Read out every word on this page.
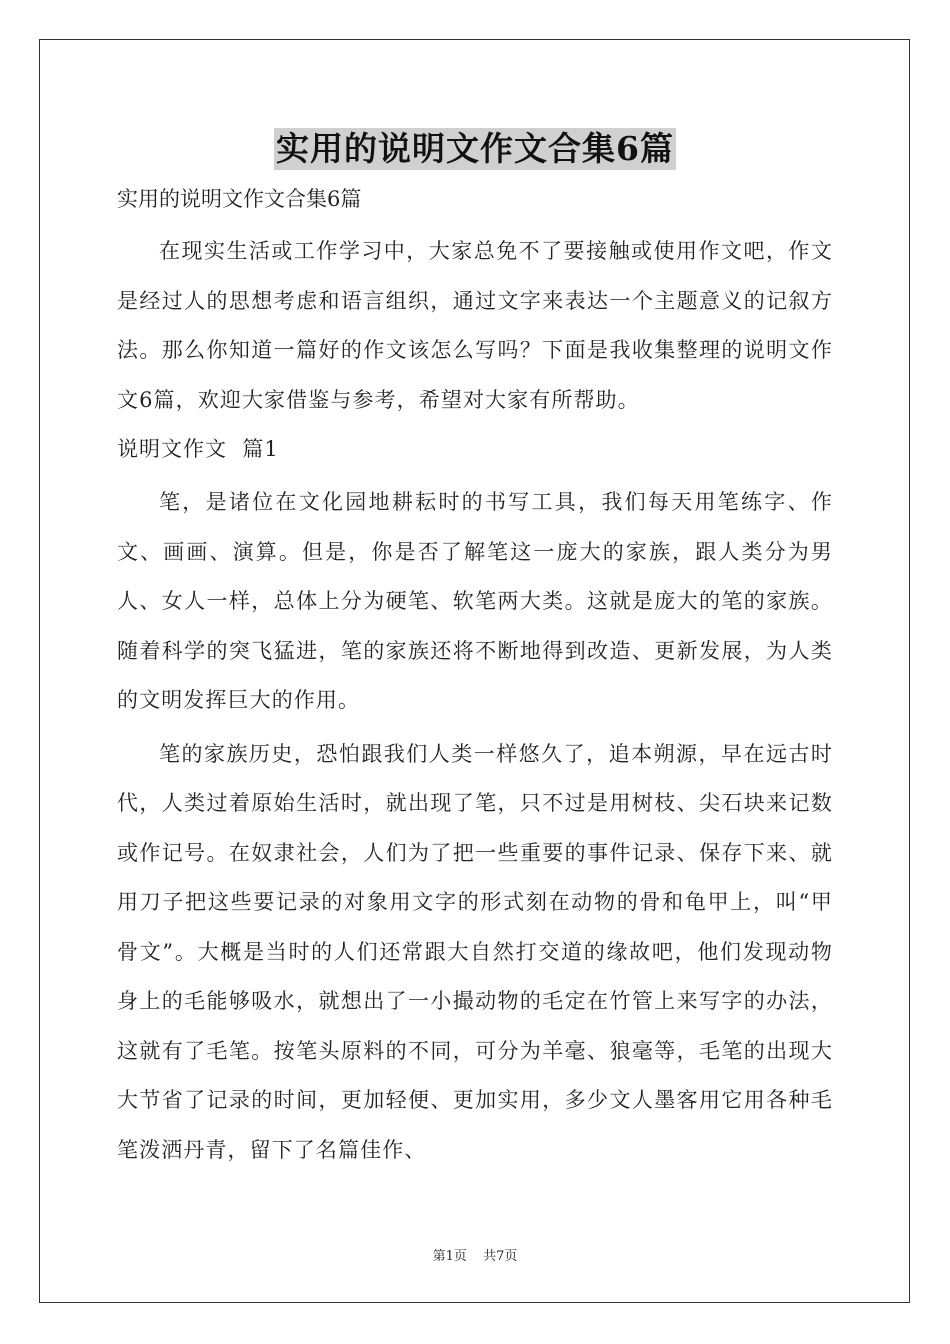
实用的说明文作文合集6篇

实用的说明文作文合集6篇

在现实生活或工作学习中，大家总免不了要接触或使用作文吧，作文是经过人的思想考虑和语言组织，通过文字来表达一个主题意义的记叙方法。那么你知道一篇好的作文该怎么写吗？下面是我收集整理的说明文作文6篇，欢迎大家借鉴与参考，希望对大家有所帮助。

说明文作文  篇1

笔，是诸位在文化园地耕耘时的书写工具，我们每天用笔练字、作文、画画、演算。但是，你是否了解笔这一庞大的家族，跟人类分为男人、女人一样，总体上分为硬笔、软笔两大类。这就是庞大的笔的家族。随着科学的突飞猛进，笔的家族还将不断地得到改造、更新发展，为人类的文明发挥巨大的作用。

笔的家族历史，恐怕跟我们人类一样悠久了，追本朔源，早在远古时代，人类过着原始生活时，就出现了笔，只不过是用树枝、尖石块来记数或作记号。在奴隶社会，人们为了把一些重要的事件记录、保存下来、就用刀子把这些要记录的对象用文字的形式刻在动物的骨和龟甲上，叫“甲骨文”。大概是当时的人们还常跟大自然打交道的缘故吧，他们发现动物身上的毛能够吸水，就想出了一小撮动物的毛定在竹管上来写字的办法，这就有了毛笔。按笔头原料的不同，可分为羊毫、狼毫等，毛笔的出现大大节省了记录的时间，更加轻便、更加实用，多少文人墨客用它用各种毛笔泼洒丹青，留下了名篇佳作、

第1页 共7页
